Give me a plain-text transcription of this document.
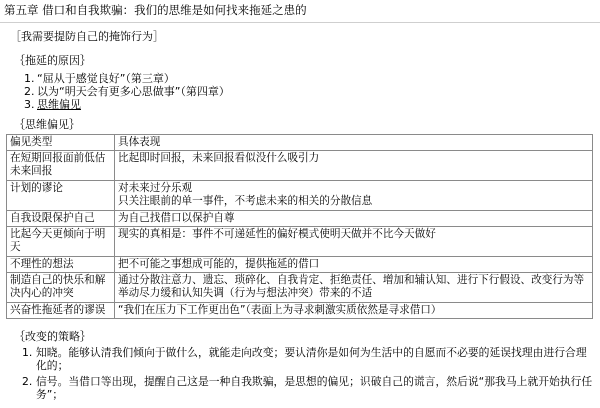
第五章 借口和自我欺骗：我们的思维是如何找来拖延之患的
［我需要提防自己的掩饰行为］
｛拖延的原因｝
1. “屈从于感觉良好”（第三章）
2. 以为“明天会有更多心思做事”（第四章）
3. 思维偏见
｛思维偏见｝
偏见类型	具体表现
在短期回报面前低估未来回报	比起即时回报，未来回报看似没什么吸引力
计划的谬论	对未来过分乐观
只关注眼前的单一事件，不考虑未来的相关的分散信息
自我设限保护自己	为自己找借口以保护自尊
比起今天更倾向于明天	现实的真相是：事件不可递延性的偏好模式使明天做并不比今天做好
不理性的想法	把不可能之事想成可能的，提供拖延的借口
制造自己的快乐和解决内心的冲突	通过分散注意力、遗忘、琐碎化、自我肯定、拒绝责任、增加和辅认知、进行下行假设、改变行为等举动尽力缓和认知失调（行为与想法冲突）带来的不适
兴奋性拖延者的谬误	“我们在压力下工作更出色”（表面上为寻求刺激实质依然是寻求借口）
｛改变的策略｝
1. 知晓。能够认清我们倾向于做什么，就能走向改变；要认清你是如何为生活中的自愿而不必要的延误找理由进行合理化的；
2. 信号。当借口等出现，提醒自己这是一种自我欺骗，是思想的偏见；识破自己的谎言，然后说“那我马上就开始执行任务”；
